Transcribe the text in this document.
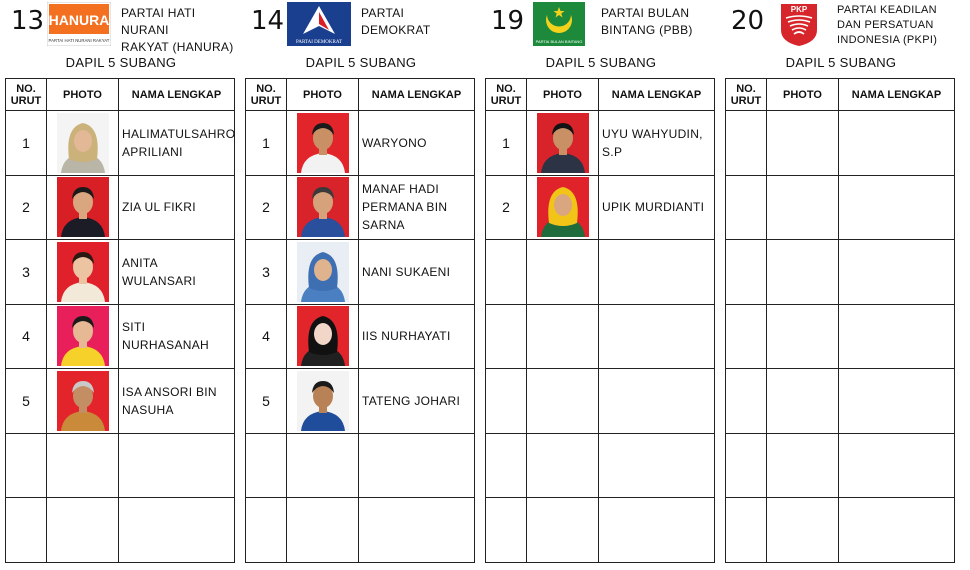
13 HANURA
PARTAI HATI NURANI RAKYAT
PARTAI HATI NURANI
RAKYAT (HANURA)
DAPIL 5 SUBANG
NO.
URUT	PHOTO	NAMA LENGKAP
1		HALIMATULSAHRO APRILIANI
2		ZIA UL FIKRI
3		ANITA WULANSARI
4		SITI NURHASANAH
5		ISA ANSORI BIN NASUHA

14
PARTAI DEMOKRAT
PARTAI
DEMOKRAT
DAPIL 5 SUBANG
NO.
URUT	PHOTO	NAMA LENGKAP
1		WARYONO
2		MANAF HADI PERMANA BIN SARNA
3		NANI SUKAENI
4		IIS NURHAYATI
5		TATENG JOHARI

19
PARTAI BULAN BINTANG
PARTAI BULAN
BINTANG (PBB)
DAPIL 5 SUBANG
NO.
URUT	PHOTO	NAMA LENGKAP
1		UYU WAHYUDIN, S.P
2		UPIK MURDIANTI

20	PKP	PARTAI KEADILAN
DAN PERSATUAN
INDONESIA (PKPI)
DAPIL 5 SUBANG
NO.
URUT	PHOTO	NAMA LENGKAP
